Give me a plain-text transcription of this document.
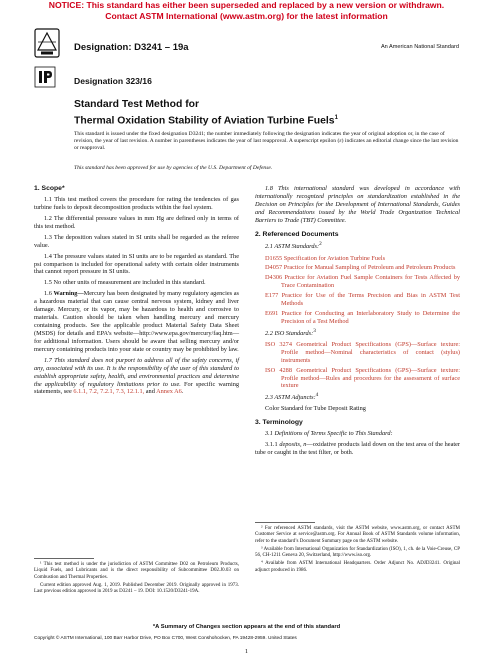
NOTICE: This standard has either been superseded and replaced by a new version or withdrawn.
Contact ASTM International (www.astm.org) for the latest information
Designation: D3241 – 19a	An American National Standard
Designation 323/16
Standard Test Method for
Thermal Oxidation Stability of Aviation Turbine Fuels$^1$
This standard is issued under the fixed designation D3241; the number immediately following the designation indicates the year of original adoption or, in the case of revision, the year of last revision. A number in parentheses indicates the year of last reapproval. A superscript epsilon (ε) indicates an editorial change since the last revision or reapproval.
This standard has been approved for use by agencies of the U.S. Department of Defense.
1. Scope*

1.1 This test method covers the procedure for rating the tendencies of gas turbine fuels to deposit decomposition products within the fuel system.

1.2 The differential pressure values in mm Hg are defined only in terms of this test method.

1.3 The deposition values stated in SI units shall be regarded as the referee value.

1.4 The pressure values stated in SI units are to be regarded as standard. The psi comparison is included for operational safety with certain older instruments that cannot report pressure in SI units.

1.5 No other units of measurement are included in this standard.

1.6 Warning—Mercury has been designated by many regulatory agencies as a hazardous material that can cause central nervous system, kidney and liver damage. Mercury, or its vapor, may be hazardous to health and corrosive to materials. Caution should be taken when handling mercury and mercury containing products. See the applicable product Material Safety Data Sheet (MSDS) for details and EPA’s website—http://www.epa.gov/mercury/faq.htm—for additional information. Users should be aware that selling mercury and/or mercury containing products into your state or country may be prohibited by law.

1.7 This standard does not purport to address all of the safety concerns, if any, associated with its use. It is the responsibility of the user of this standard to establish appropriate safety, health, and environmental practices and determine the applicability of regulatory limitations prior to use. For specific warning statements, see 6.1.1, 7.2, 7.2.1, 7.3, 12.1.1, and Annex A6.

1.8 This international standard was developed in accordance with internationally recognized principles on standardization established in the Decision on Principles for the Development of International Standards, Guides and Recommendations issued by the World Trade Organization Technical Barriers to Trade (TBT) Committee.

2. Referenced Documents

2.1 ASTM Standards:$^2$

D1655 Specification for Aviation Turbine Fuels
D4057 Practice for Manual Sampling of Petroleum and Petroleum Products
D4306 Practice for Aviation Fuel Sample Containers for Tests Affected by Trace Contamination
E177 Practice for Use of the Terms Precision and Bias in ASTM Test Methods
E691 Practice for Conducting an Interlaboratory Study to Determine the Precision of a Test Method

2.2 ISO Standards:$^3$

ISO 3274 Geometrical Product Specifications (GPS)—Surface texture: Profile method—Nominal characteristics of contact (stylus) instruments
ISO 4288 Geometrical Product Specifications (GPS)—Surface texture: Profile method—Rules and procedures for the assessment of surface texture

2.3 ASTM Adjuncts:$^4$

Color Standard for Tube Deposit Rating
3. Terminology

3.1 Definitions of Terms Specific to This Standard:

3.1.1 deposits, n—oxidative products laid down on the test area of the heater tube or caught in the test filter, or both.

¹ This test method is under the jurisdiction of ASTM Committee D02 on Petroleum Products, Liquid Fuels, and Lubricants and is the direct responsibility of Subcommittee D02.J0.03 on Combustion and Thermal Properties.

Current edition approved Aug. 1, 2019. Published December 2019. Originally approved in 1973. Last previous edition approved in 2019 as D3241 – 19. DOI: 10.1520/D3241-19A.

² For referenced ASTM standards, visit the ASTM website, www.astm.org, or contact ASTM Customer Service at service@astm.org. For Annual Book of ASTM Standards volume information, refer to the standard’s Document Summary page on the ASTM website.

³ Available from International Organization for Standardization (ISO), 1, ch. de la Voie-Creuse, CP 56, CH-1211 Geneva 20, Switzerland, http://www.iso.org.

⁴ Available from ASTM International Headquarters. Order Adjunct No. ADJD3241. Original adjunct produced in 1986.

*A Summary of Changes section appears at the end of this standard
Copyright © ASTM International, 100 Barr Harbor Drive, PO Box C700, West Conshohocken, PA 19428-2959. United States
1
